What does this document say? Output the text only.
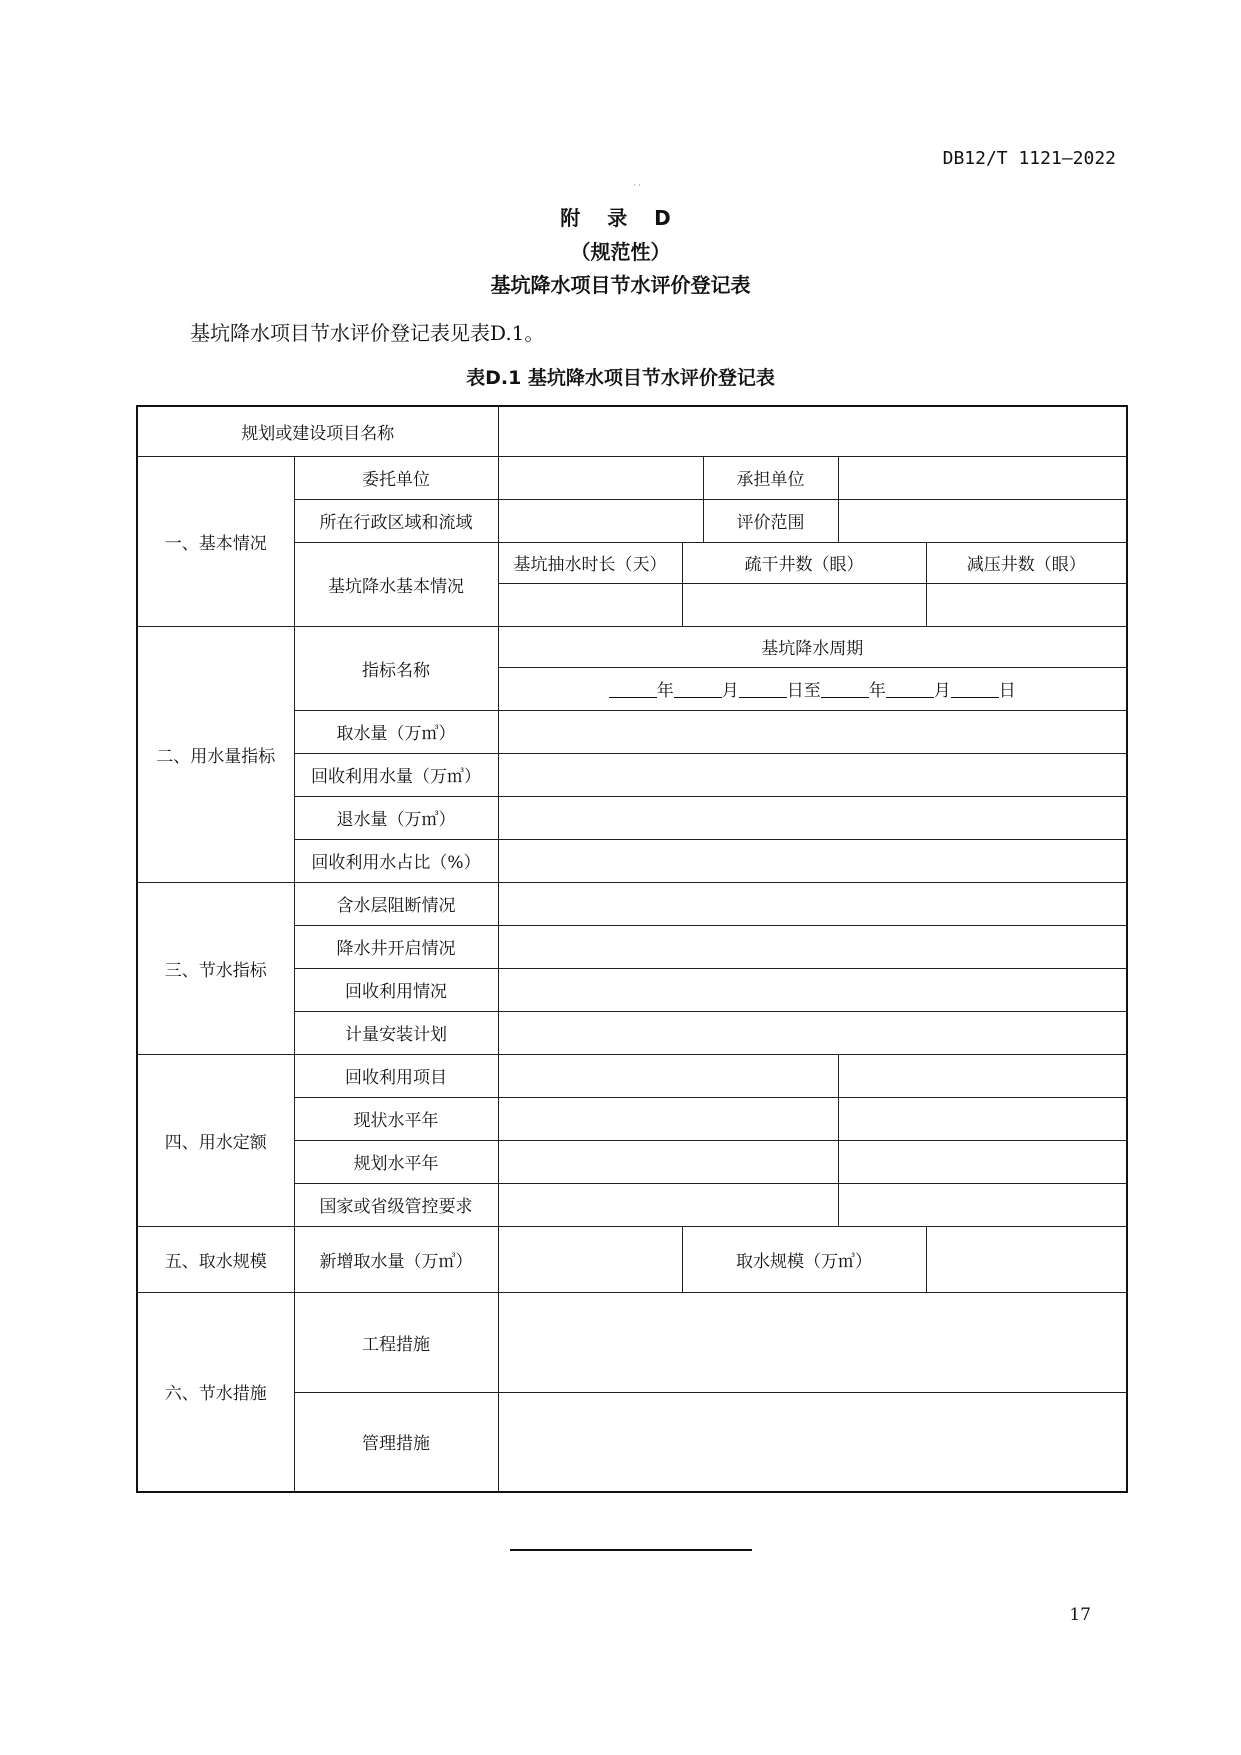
DB12/T 1121—2022
· ·
附 录 D
（规范性）
基坑降水项目节水评价登记表
基坑降水项目节水评价登记表见表D.1。
表D.1 基坑降水项目节水评价登记表
规划或建设项目名称						
一、基本情况	委托单位			承担单位		
	所在行政区域和流域			评价范围		
	基坑降水基本情况	基坑抽水时长（天）	疏干井数（眼）			减压井数（眼）

二、用水量指标	指标名称	基坑降水周期				
		年 月 日至 年 月 日				
	取水量（万㎥）					
	回收利用水量（万㎥）					
	退水量（万㎥）					
	回收利用水占比（%）					
三、节水指标	含水层阻断情况					
	降水井开启情况					
	回收利用情况					
	计量安装计划					
四、用水定额	回收利用项目					
	现状水平年					
	规划水平年					
	国家或省级管控要求					
五、取水规模	新增取水量（万㎥）		取水规模（万㎥）			
六、节水措施	工程措施					
	管理措施					
17
